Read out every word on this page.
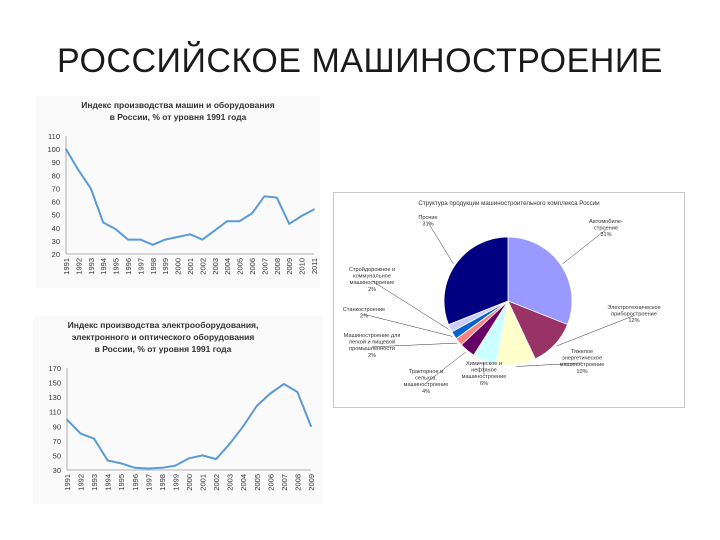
РОССИЙСКОЕ МАШИНОСТРОЕНИЕ
Индекс производства машин и оборудования
в России, % от уровня 1991 года
110
100
90
80
70
60
50
40
30
20
1991 1992 1993 1994 1995 1996 1997 1998 1999 2000 2001 2002 2003 2004 2005 2006 2007 2008 2009 2010 2011
Индекс производства электрооборудования,
электронного и оптического оборудования
в России, % от уровня 1991 года
170
150
130
110
90
70
50
30
1991 1992 1993 1994 1995 1996 1997 1998 1999 2000 2001 2002 2003 2004 2005 2006 2007 2008 2009
Структура продукции машиностроительного комплекса России
Автомобиле-строение 31%
Электротехническое приборостроение 12%
Тяжелое энергетическое машиностроение 10%
Химическое и нефтяное машиностроение 6%
Тракторное и сельхоз. машиностроение 4%
Машиностроение для легкой и пищевой промышленности 2%
Станкостроение 2%
Стройдорожное и коммунальное машиностроение 2%
Прочие 31%
